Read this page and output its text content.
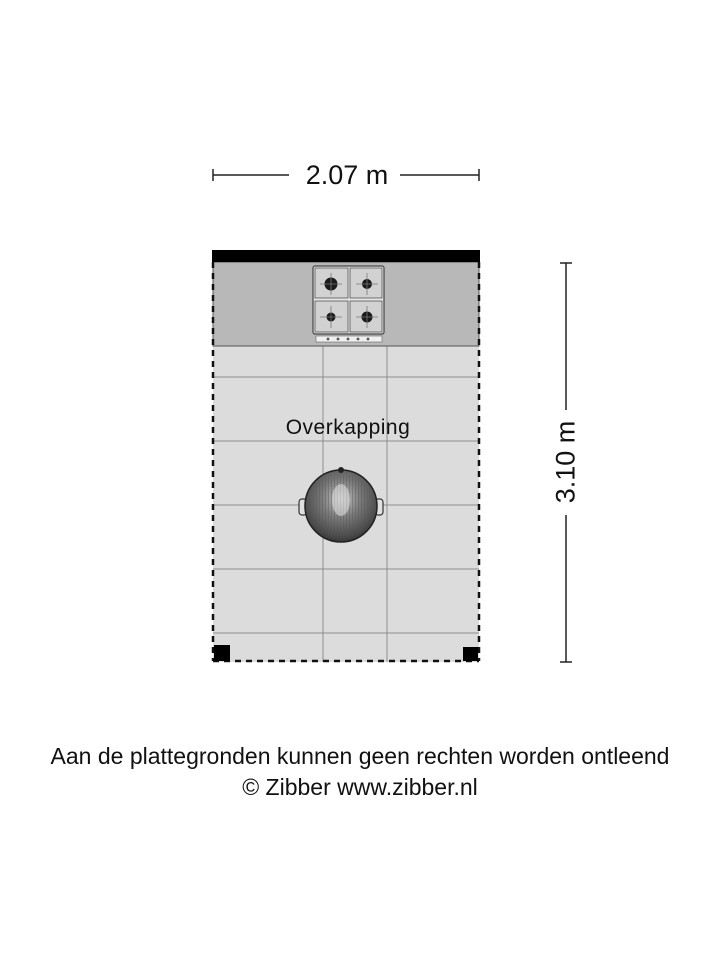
2.07 m
3.10 m
Overkapping
Aan de plattegronden kunnen geen rechten worden ontleend
© Zibber www.zibber.nl
